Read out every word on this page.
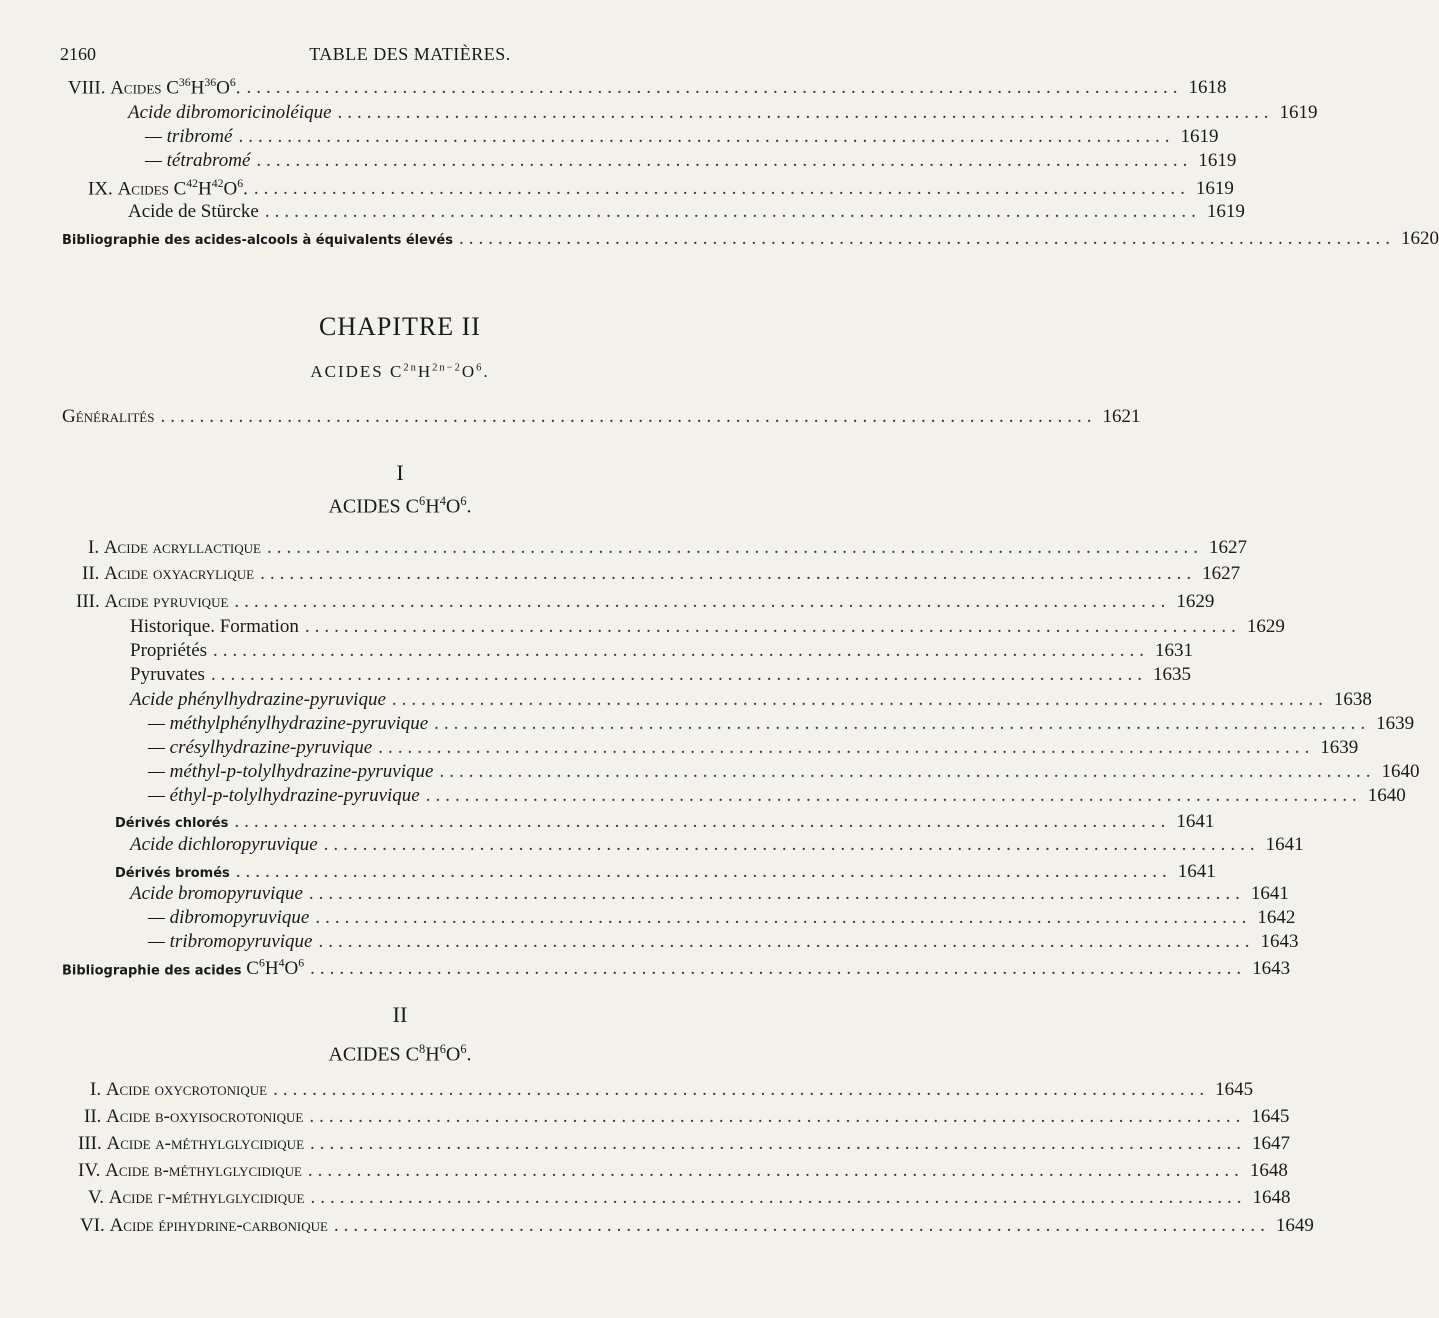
2160	TABLE DES MATIÈRES.
VIII. Acides $C^{36}H^{36}O^6$. ................................................................................................ 1618
Acide dibromoricinoléique ................................................................................................ 1619
— tribromé ................................................................................................ 1619
— tétrabromé ................................................................................................ 1619
IX. Acides $C^{42}H^{42}O^6$. ................................................................................................ 1619
Acide de Stürcke ................................................................................................ 1619
Bibliographie des acides-alcools à équivalents élevés ................................................................................................ 1620
CHAPITRE II
ACIDES $C^{2n}H^{2n-2}O^6$.
Généralités ................................................................................................ 1621
I
ACIDES $C^6H^4O^6$.
I. Acide acryllactique ................................................................................................ 1627
II. Acide oxyacrylique ................................................................................................ 1627
III. Acide pyruvique ................................................................................................ 1629
Historique. Formation ................................................................................................ 1629
Propriétés ................................................................................................ 1631
Pyruvates ................................................................................................ 1635
Acide phénylhydrazine-pyruvique ................................................................................................ 1638
— méthylphénylhydrazine-pyruvique ................................................................................................ 1639
— crésylhydrazine-pyruvique ................................................................................................ 1639
— méthyl-p-tolylhydrazine-pyruvique ................................................................................................ 1640
— éthyl-p-tolylhydrazine-pyruvique ................................................................................................ 1640
Dérivés chlorés ................................................................................................ 1641
Acide dichloropyruvique ................................................................................................ 1641
Dérivés bromés ................................................................................................ 1641
Acide bromopyruvique ................................................................................................ 1641
— dibromopyruvique ................................................................................................ 1642
— tribromopyruvique ................................................................................................ 1643
Bibliographie des acides $C^6H^4O^6$ ................................................................................................ 1643
II
ACIDES $C^8H^6O^6$.
I. Acide oxycrotonique ................................................................................................ 1645
II. Acide β-oxyisocrotonique ................................................................................................ 1645
III. Acide α-méthylglycidique ................................................................................................ 1647
IV. Acide β-méthylglycidique ................................................................................................ 1648
V. Acide γ-méthylglycidique ................................................................................................ 1648
VI. Acide épihydrine-carbonique ................................................................................................ 1649
